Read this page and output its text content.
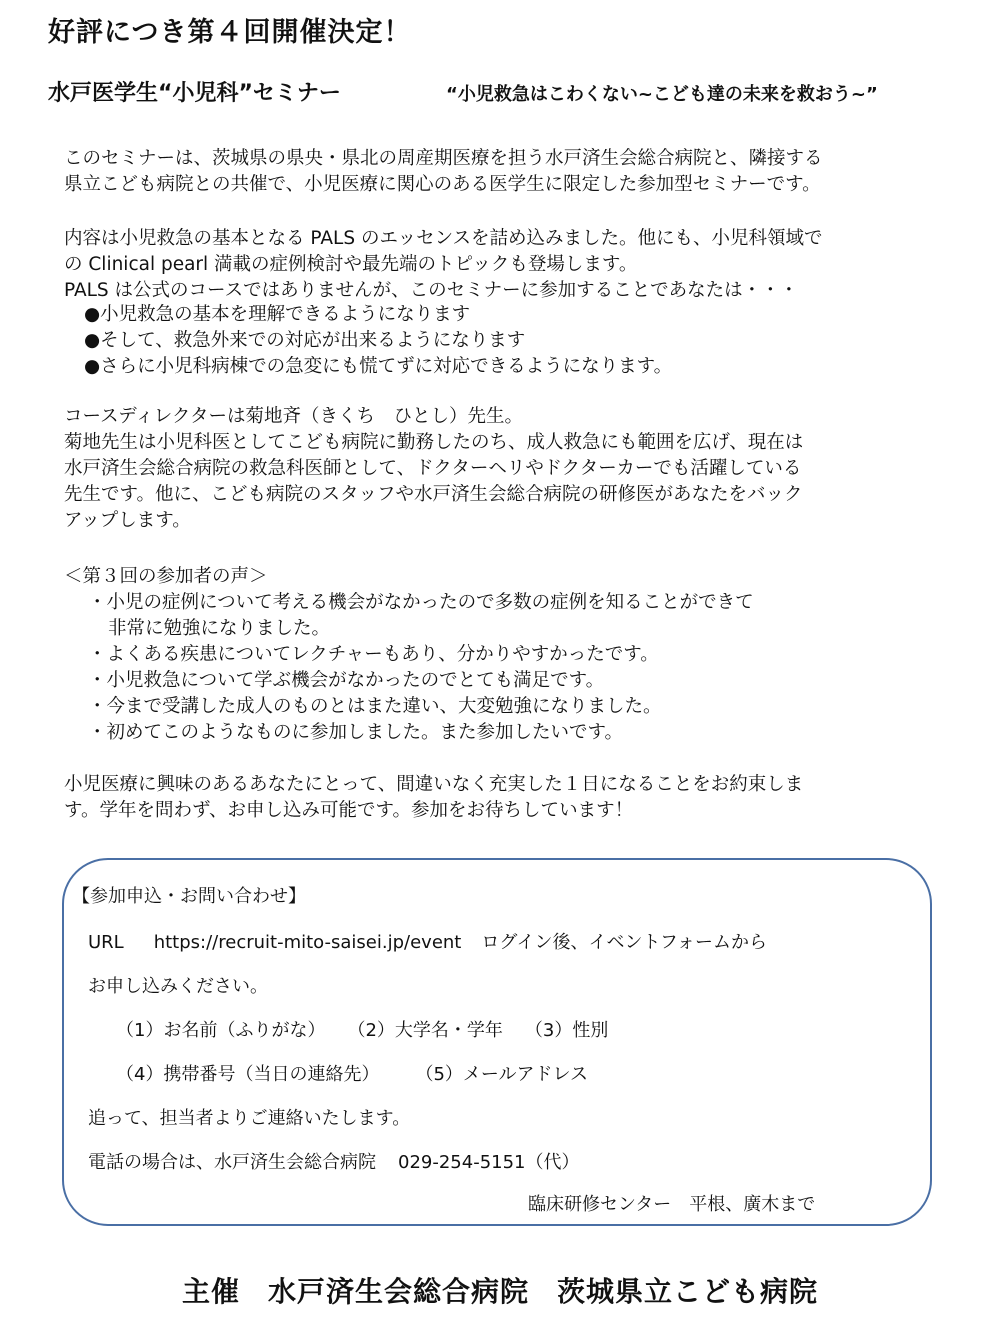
好評につき第４回開催決定！
水戸医学生“小児科”セミナー	“小児救急はこわくない~こども達の未来を救おう~”
このセミナーは、茨城県の県央・県北の周産期医療を担う水戸済生会総合病院と、隣接する
県立こども病院との共催で、小児医療に関心のある医学生に限定した参加型セミナーです。
内容は小児救急の基本となる PALS のエッセンスを詰め込みました。他にも、小児科領域で
の Clinical pearl 満載の症例検討や最先端のトピックも登場します。
PALS は公式のコースではありませんが、このセミナーに参加することであなたは・・・
●小児救急の基本を理解できるようになります
●そして、救急外来での対応が出来るようになります
●さらに小児科病棟での急変にも慌てずに対応できるようになります。
コースディレクターは菊地斉（きくち　ひとし）先生。
菊地先生は小児科医としてこども病院に勤務したのち、成人救急にも範囲を広げ、現在は
水戸済生会総合病院の救急科医師として、ドクターヘリやドクターカーでも活躍している
先生です。他に、こども病院のスタッフや水戸済生会総合病院の研修医があなたをバック
アップします。
＜第３回の参加者の声＞
・小児の症例について考える機会がなかったので多数の症例を知ることができて
非常に勉強になりました。
・よくある疾患についてレクチャーもあり、分かりやすかったです。
・小児救急について学ぶ機会がなかったのでとても満足です。
・今まで受講した成人のものとはまた違い、大変勉強になりました。
・初めてこのようなものに参加しました。また参加したいです。
小児医療に興味のあるあなたにとって、間違いなく充実した１日になることをお約束しま
す。学年を問わず、お申し込み可能です。参加をお待ちしています！
【参加申込・お問い合わせ】
URL https://recruit-mito-saisei.jp/event ログイン後、イベントフォームから
お申し込みください。
（1）お名前（ふりがな） （2）大学名・学年 （3）性別
（4）携帯番号（当日の連絡先） （5）メールアドレス
追って、担当者よりご連絡いたします。
電話の場合は、水戸済生会総合病院 029-254-5151（代）
臨床研修センター　平根、廣木まで
主催 水戸済生会総合病院 茨城県立こども病院
